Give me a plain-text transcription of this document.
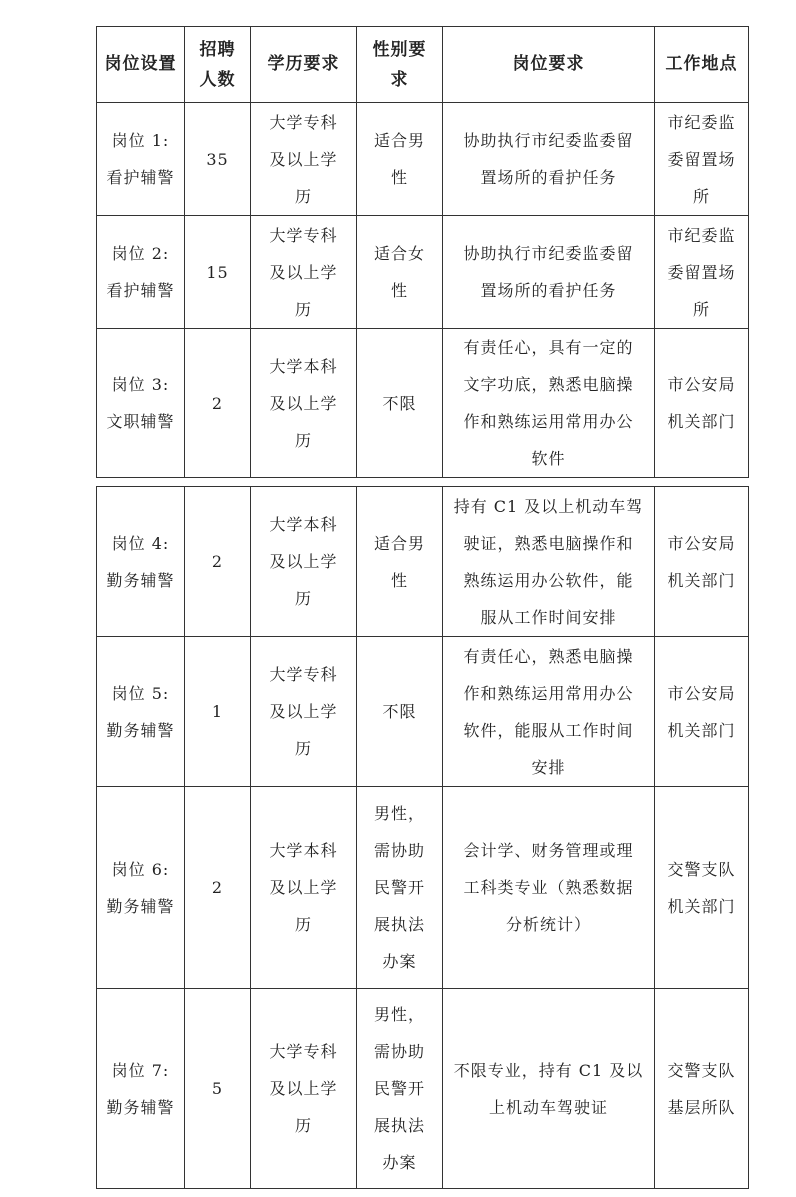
岗位设置	招聘
人数	学历要求	性别要
求	岗位要求	工作地点

岗位 1:
看护辅警	35	大学专科
及以上学
历	适合男
性	协助执行市纪委监委留
置场所的看护任务	市纪委监
委留置场
所

岗位 2:
看护辅警	15	大学专科
及以上学
历	适合女
性	协助执行市纪委监委留
置场所的看护任务	市纪委监
委留置场
所

岗位 3:
文职辅警	2	大学本科
及以上学
历	不限	有责任心，具有一定的
文字功底，熟悉电脑操
作和熟练运用常用办公
软件	市公安局
机关部门
岗位 4:
勤务辅警	2	大学本科
及以上学
历	适合男
性	持有 C1 及以上机动车驾
驶证，熟悉电脑操作和
熟练运用办公软件，能
服从工作时间安排	市公安局
机关部门

岗位 5:
勤务辅警	1	大学专科
及以上学
历	不限	有责任心，熟悉电脑操
作和熟练运用常用办公
软件，能服从工作时间
安排	市公安局
机关部门

岗位 6:
勤务辅警	2	大学本科
及以上学
历	男性，
需协助
民警开
展执法
办案	会计学、财务管理或理
工科类专业（熟悉数据
分析统计）	交警支队
机关部门

岗位 7:
勤务辅警	5	大学专科
及以上学
历	男性，
需协助
民警开
展执法
办案	不限专业，持有 C1 及以
上机动车驾驶证	交警支队
基层所队
